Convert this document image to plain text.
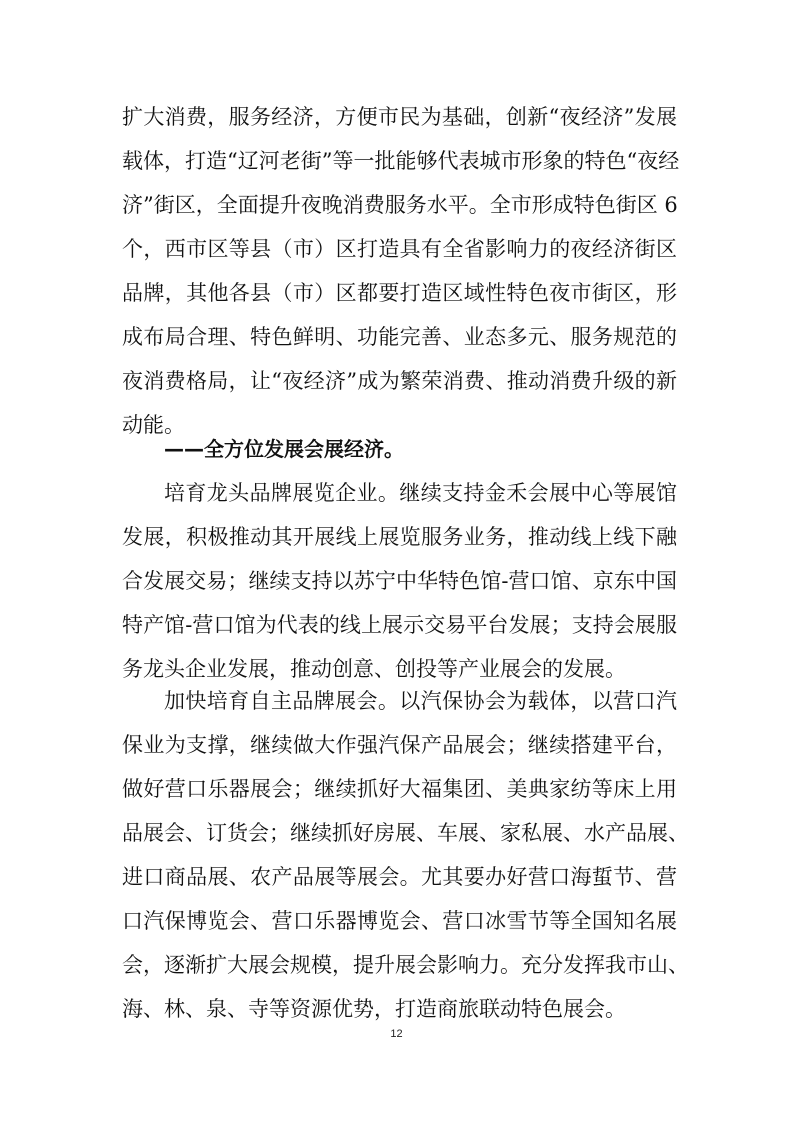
扩大消费，服务经济，方便市民为基础，创新“夜经济”发展
载体，打造“辽河老街”等一批能够代表城市形象的特色“夜经
济”街区，全面提升夜晚消费服务水平。全市形成特色街区 6
个，西市区等县（市）区打造具有全省影响力的夜经济街区
品牌，其他各县（市）区都要打造区域性特色夜市街区，形
成布局合理、特色鲜明、功能完善、业态多元、服务规范的
夜消费格局，让“夜经济”成为繁荣消费、推动消费升级的新
动能。
——全方位发展会展经济。
培育龙头品牌展览企业。继续支持金禾会展中心等展馆
发展，积极推动其开展线上展览服务业务，推动线上线下融
合发展交易；继续支持以苏宁中华特色馆-营口馆、京东中国
特产馆-营口馆为代表的线上展示交易平台发展；支持会展服
务龙头企业发展，推动创意、创投等产业展会的发展。
加快培育自主品牌展会。以汽保协会为载体，以营口汽
保业为支撑，继续做大作强汽保产品展会；继续搭建平台，
做好营口乐器展会；继续抓好大福集团、美典家纺等床上用
品展会、订货会；继续抓好房展、车展、家私展、水产品展、
进口商品展、农产品展等展会。尤其要办好营口海蜇节、营
口汽保博览会、营口乐器博览会、营口冰雪节等全国知名展
会，逐渐扩大展会规模，提升展会影响力。充分发挥我市山、
海、林、泉、寺等资源优势，打造商旅联动特色展会。
12
